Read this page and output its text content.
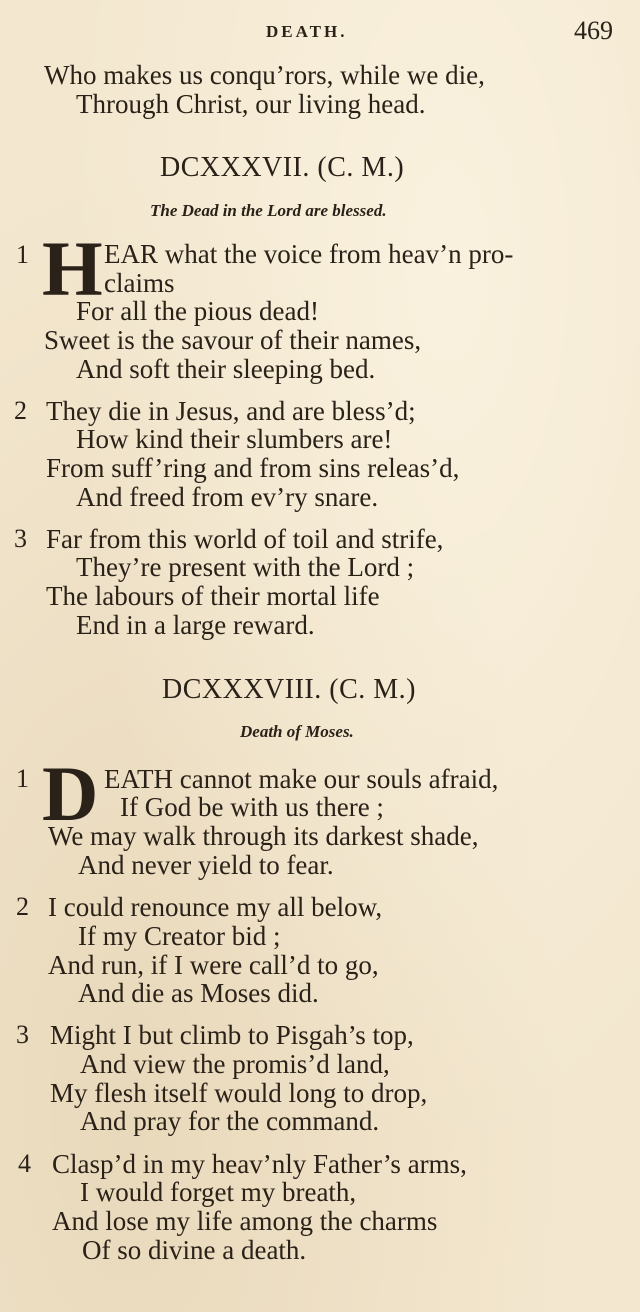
DEATH.	469
Who makes us conqu’rors, while we die,
Through Christ, our living head.
DCXXXVII. (C. M.)
The Dead in the Lord are blessed.
1 H EAR what the voice from heav’n pro-
claims
For all the pious dead!
Sweet is the savour of their names,
And soft their sleeping bed.
2 They die in Jesus, and are bless’d;
How kind their slumbers are!
From suff’ring and from sins releas’d,
And freed from ev’ry snare.
3 Far from this world of toil and strife,
They’re present with the Lord ;
The labours of their mortal life
End in a large reward.
DCXXXVIII. (C. M.)
Death of Moses.
1 D EATH cannot make our souls afraid,
If God be with us there ;
We may walk through its darkest shade,
And never yield to fear.
2 I could renounce my all below,
If my Creator bid ;
And run, if I were call’d to go,
And die as Moses did.
3 Might I but climb to Pisgah’s top,
And view the promis’d land,
My flesh itself would long to drop,
And pray for the command.
4 Clasp’d in my heav’nly Father’s arms,
I would forget my breath,
And lose my life among the charms
Of so divine a death.
